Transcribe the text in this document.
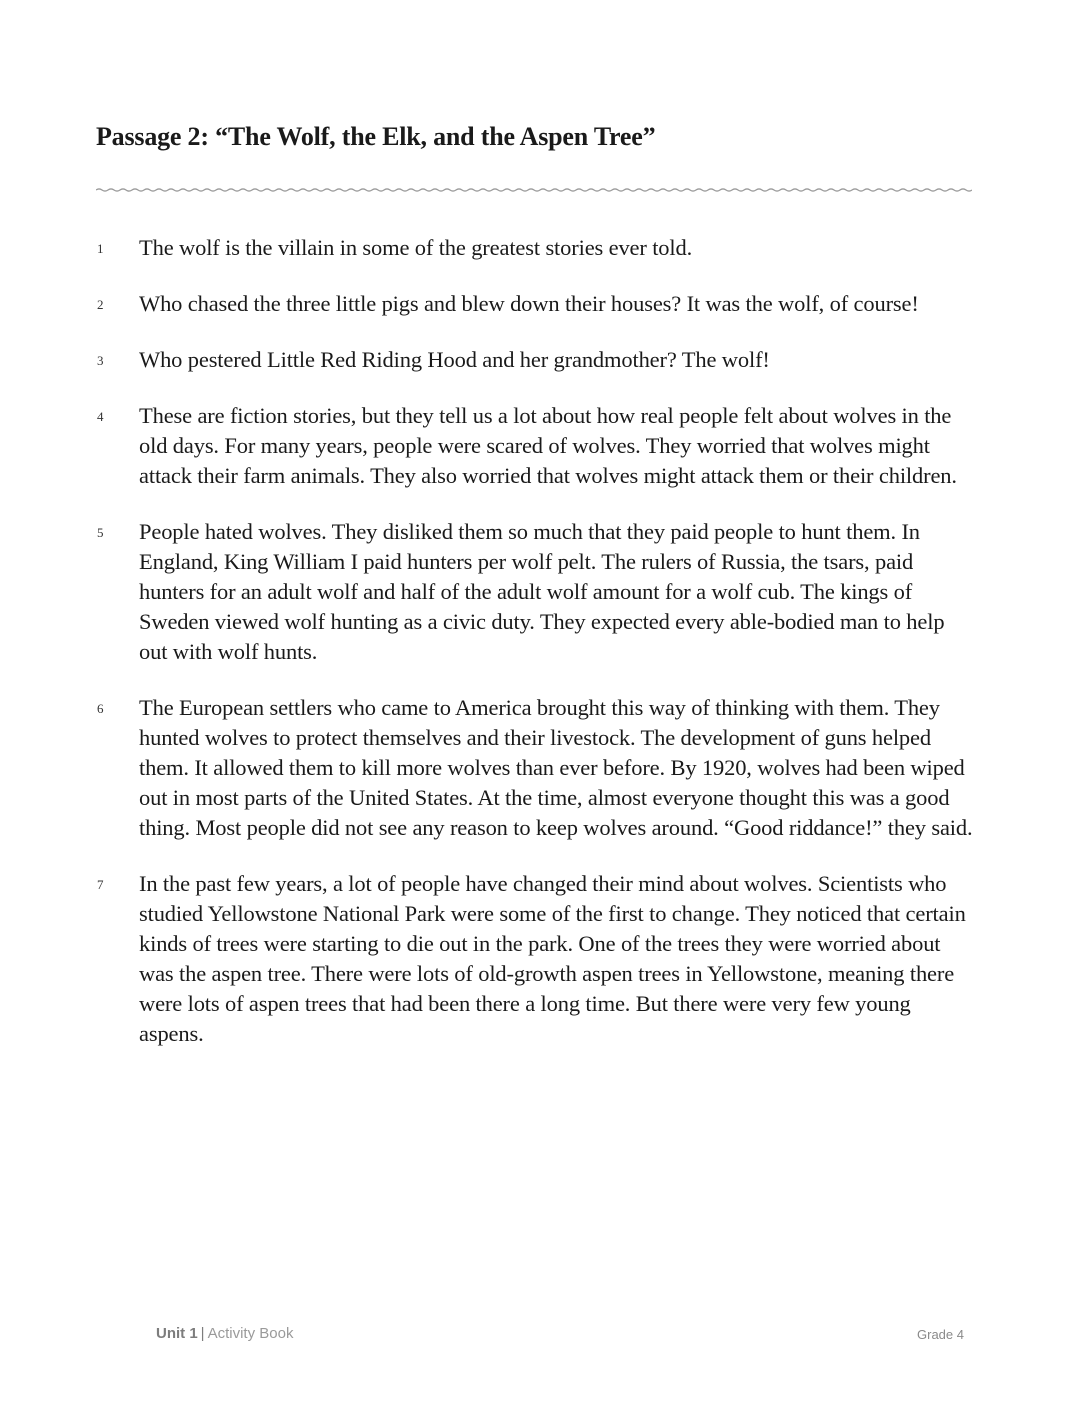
Passage 2: “The Wolf, the Elk, and the Aspen Tree”
1 The wolf is the villain in some of the greatest stories ever told.

2 Who chased the three little pigs and blew down their houses? It was the wolf, of course!

3 Who pestered Little Red Riding Hood and her grandmother? The wolf!

4 These are fiction stories, but they tell us a lot about how real people felt about wolves in the old days. For many years, people were scared of wolves. They worried that wolves might attack their farm animals. They also worried that wolves might attack them or their children.

5 People hated wolves. They disliked them so much that they paid people to hunt them. In England, King William I paid hunters per wolf pelt. The rulers of Russia, the tsars, paid hunters for an adult wolf and half of the adult wolf amount for a wolf cub. The kings of Sweden viewed wolf hunting as a civic duty. They expected every able-bodied man to help out with wolf hunts.

6 The European settlers who came to America brought this way of thinking with them. They hunted wolves to protect themselves and their livestock. The development of guns helped them. It allowed them to kill more wolves than ever before. By 1920, wolves had been wiped out in most parts of the United States. At the time, almost everyone thought this was a good thing. Most people did not see any reason to keep wolves around. “Good riddance!” they said.

7 In the past few years, a lot of people have changed their mind about wolves. Scientists who studied Yellowstone National Park were some of the first to change. They noticed that certain kinds of trees were starting to die out in the park. One of the trees they were worried about was the aspen tree. There were lots of old-growth aspen trees in Yellowstone, meaning there were lots of aspen trees that had been there a long time. But there were very few young aspens.

Unit 1 | Activity Book	Grade 4
